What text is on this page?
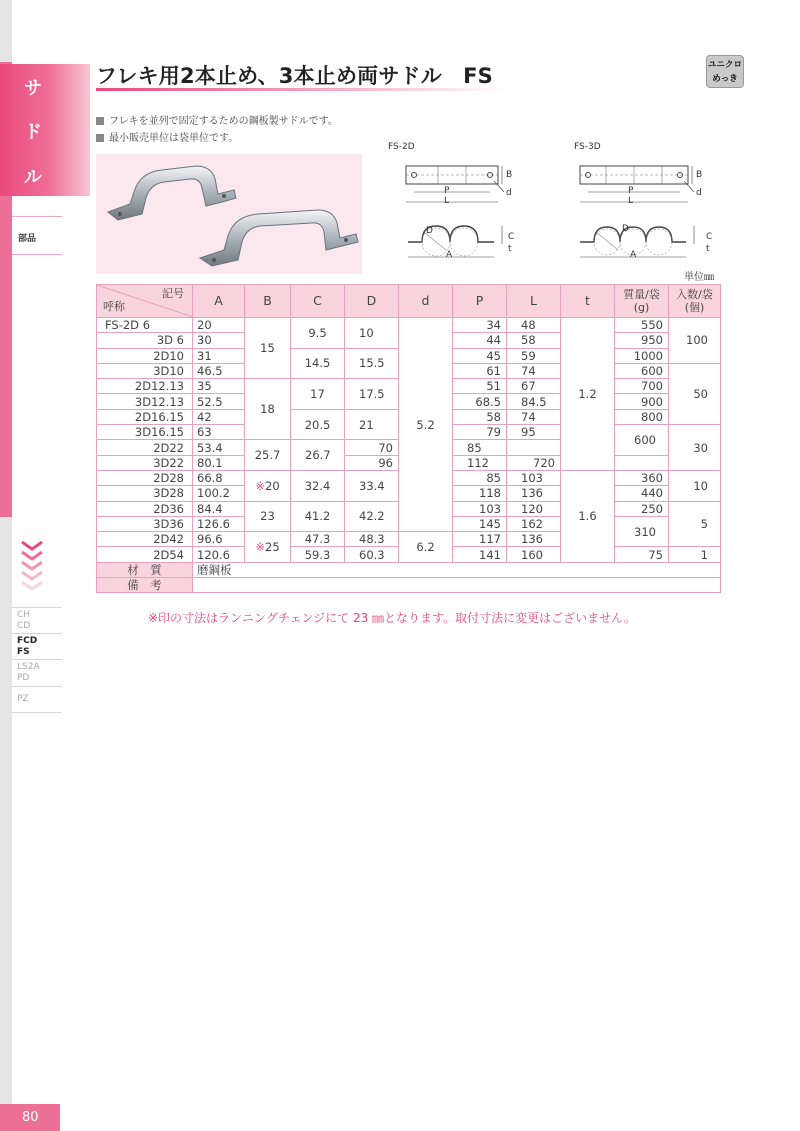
サ
ド
ル
部品
CH
CD
FCD
FS
LS2A
PD
PZ
80
フレキ用2本止め、3本止め両サドル　FS	ユニクロ
めっき
フレキを並列で固定するための鋼板製サドルです。
最小販売単位は袋単位です。
FS-2D
P
L
B
d
D
A
C
t
FS-3D
P
L
B
d
D
A
C
t
単位㎜
記号
呼称	A	B	C	D	d	P	L	t	質量/袋
(g)	入数/袋
(個)
FS-2D 6	20	15	9.5	10	5.2	34	48	1.2	550	100
3D 6	30					44	58		950	
2D10	31		14.5	15.5		45	59		1000	
3D10	46.5					61	74		600	50
2D12.13	35	18	17	17.5		51	67		700	
3D12.13	52.5					68.5	84.5		900	
2D16.15	42		20.5	21		58	74		800	
3D16.15	63					79	95		600	30
2D22	53.4	25.7	26.7	70		85				
3D22	80.1			96		112	720			
2D28	66.8	※20	32.4	33.4		85	103	1.6	360	10
3D28	100.2					118	136		440	
2D36	84.4	23	41.2	42.2		103	120		250	5
3D36	126.6					145	162		310	
2D42	96.6	※25	47.3	48.3	6.2	117	136			
2D54	120.6		59.3	60.3		141	160		75	1
材　質	磨鋼板									
備　考										
※印の寸法はランニングチェンジにて 23 ㎜となります。取付寸法に変更はございません。
